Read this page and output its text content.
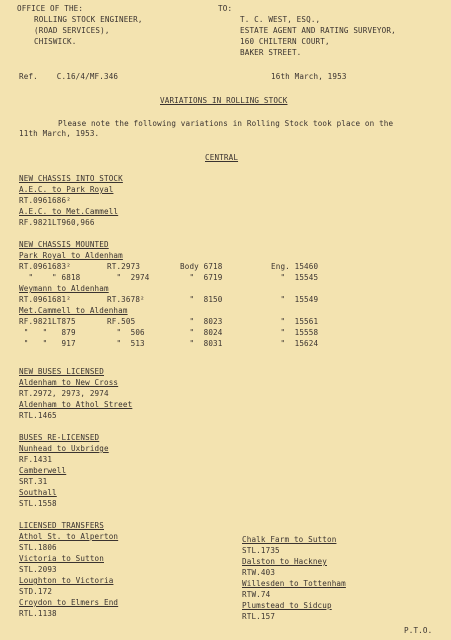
OFFICE OF THE:
ROLLING STOCK ENGINEER,
(ROAD SERVICES),
CHISWICK.
TO:
T. C. WEST, ESQ.,
ESTATE AGENT AND RATING SURVEYOR,
160 CHILTERN COURT,
BAKER STREET.
Ref.    C.16/4/MF.346	16th March, 1953
VARIATIONS IN ROLLING STOCK
Please note the following variations in Rolling Stock took place on the
11th March, 1953.
CENTRAL
NEW CHASSIS INTO STOCK
A.E.C. to Park Royal
RT.0961686²
A.E.C. to Met.Cammell
RF.9821LT960,966
NEW CHASSIS MOUNTED
Park Royal to Aldenham
RT.0961683²	RT.2973	Body 6718	Eng. 15460
"    " 6818	"  2974	"  6719	"  15545
Weymann to Aldenham
RT.0961681²	RT.3678²	"  8150	"  15549
Met.Cammell to Aldenham
RF.9821LT875	RF.505	"  8023	"  15561
"   "   879	"  506	"  8024	"  15558
"   "   917	"  513	"  8031	"  15624
NEW BUSES LICENSED
Aldenham to New Cross
RT.2972, 2973, 2974
Aldenham to Athol Street
RTL.1465
BUSES RE-LICENSED
Nunhead to Uxbridge
RF.1431
Camberwell
SRT.31
Southall
STL.1558
LICENSED TRANSFERS
Athol St. to Alperton
STL.1806
Victoria to Sutton
STL.2093
Loughton to Victoria
STD.172
Croydon to Elmers End
RTL.1138
Chalk Farm to Sutton
STL.1735
Dalston to Hackney
RTW.403
Willesden to Tottenham
RTW.74
Plumstead to Sidcup
RTL.157
P.T.O.
